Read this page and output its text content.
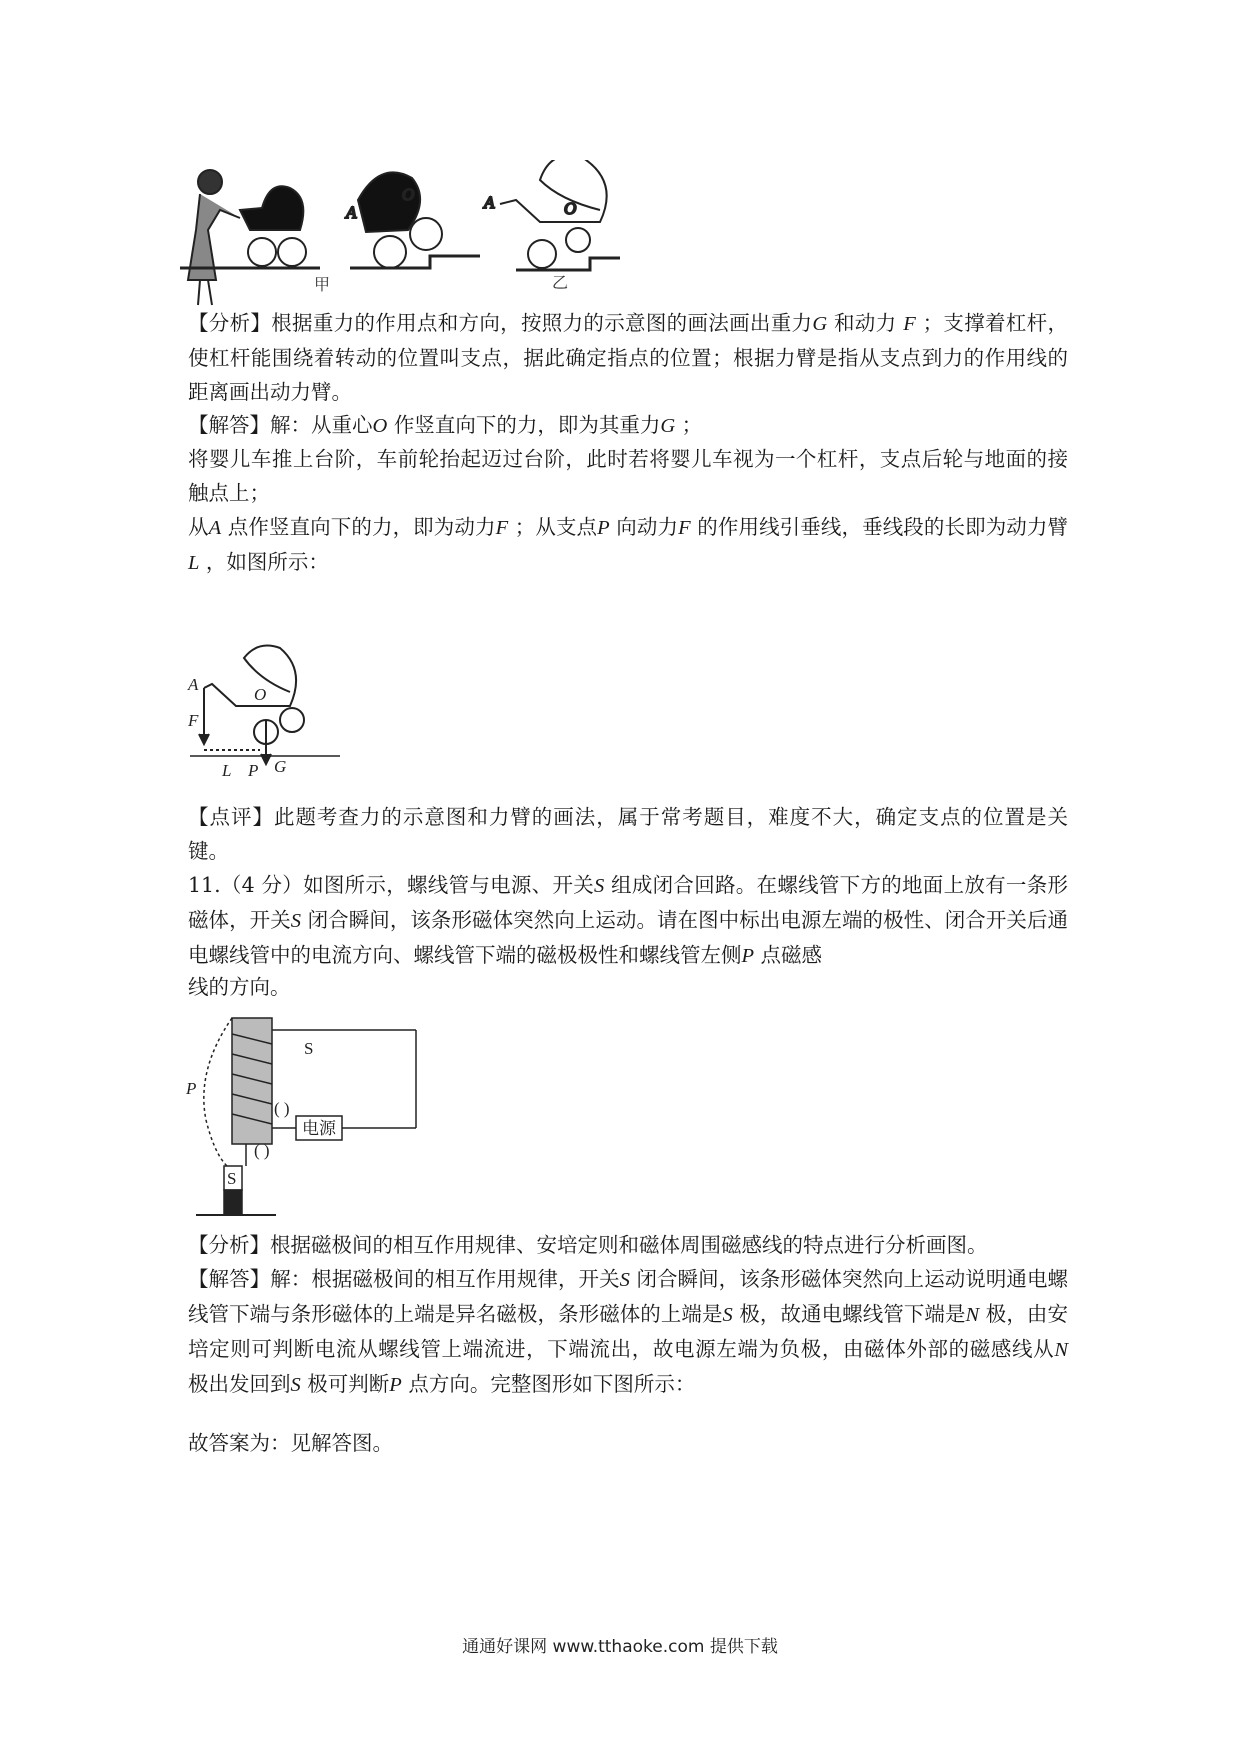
A
O
甲
A	O
乙

【分析】根据重力的作用点和方向，按照力的示意图的画法画出重力G 和动力 F ；支撑着杠杆，使杠杆能围绕着转动的位置叫支点，据此确定指点的位置；根据力臂是指从支点到力的作用线的距离画出动力臂。

【解答】解：从重心O 作竖直向下的力，即为其重力G ；

将婴儿车推上台阶，车前轮抬起迈过台阶，此时若将婴儿车视为一个杠杆，支点后轮与地面的接触点上；

从A 点作竖直向下的力，即为动力F ；从支点P 向动力F 的作用线引垂线，垂线段的长即为动力臂L ，如图所示：

A
O
F
L P G

【点评】此题考查力的示意图和力臂的画法，属于常考题目，难度不大，确定支点的位置是关键。

11.（4 分）如图所示，螺线管与电源、开关S 组成闭合回路。在螺线管下方的地面上放有一条形磁体，开关S 闭合瞬间，该条形磁体突然向上运动。请在图中标出电源左端的极性、闭合开关后通电螺线管中的电流方向、螺线管下端的磁极极性和螺线管左侧P 点磁感

线的方向。

P
S
( )
( )
电源
S
N

【分析】根据磁极间的相互作用规律、安培定则和磁体周围磁感线的特点进行分析画图。

【解答】解：根据磁极间的相互作用规律，开关S 闭合瞬间，该条形磁体突然向上运动说明通电螺线管下端与条形磁体的上端是异名磁极，条形磁体的上端是S 极，故通电螺线管下端是N 极，由安培定则可判断电流从螺线管上端流进，下端流出，故电源左端为负极，由磁体外部的磁感线从N 极出发回到S 极可判断P 点方向。完整图形如下图所示：

故答案为：见解答图。

通通好课网 www.tthaoke.com 提供下载
